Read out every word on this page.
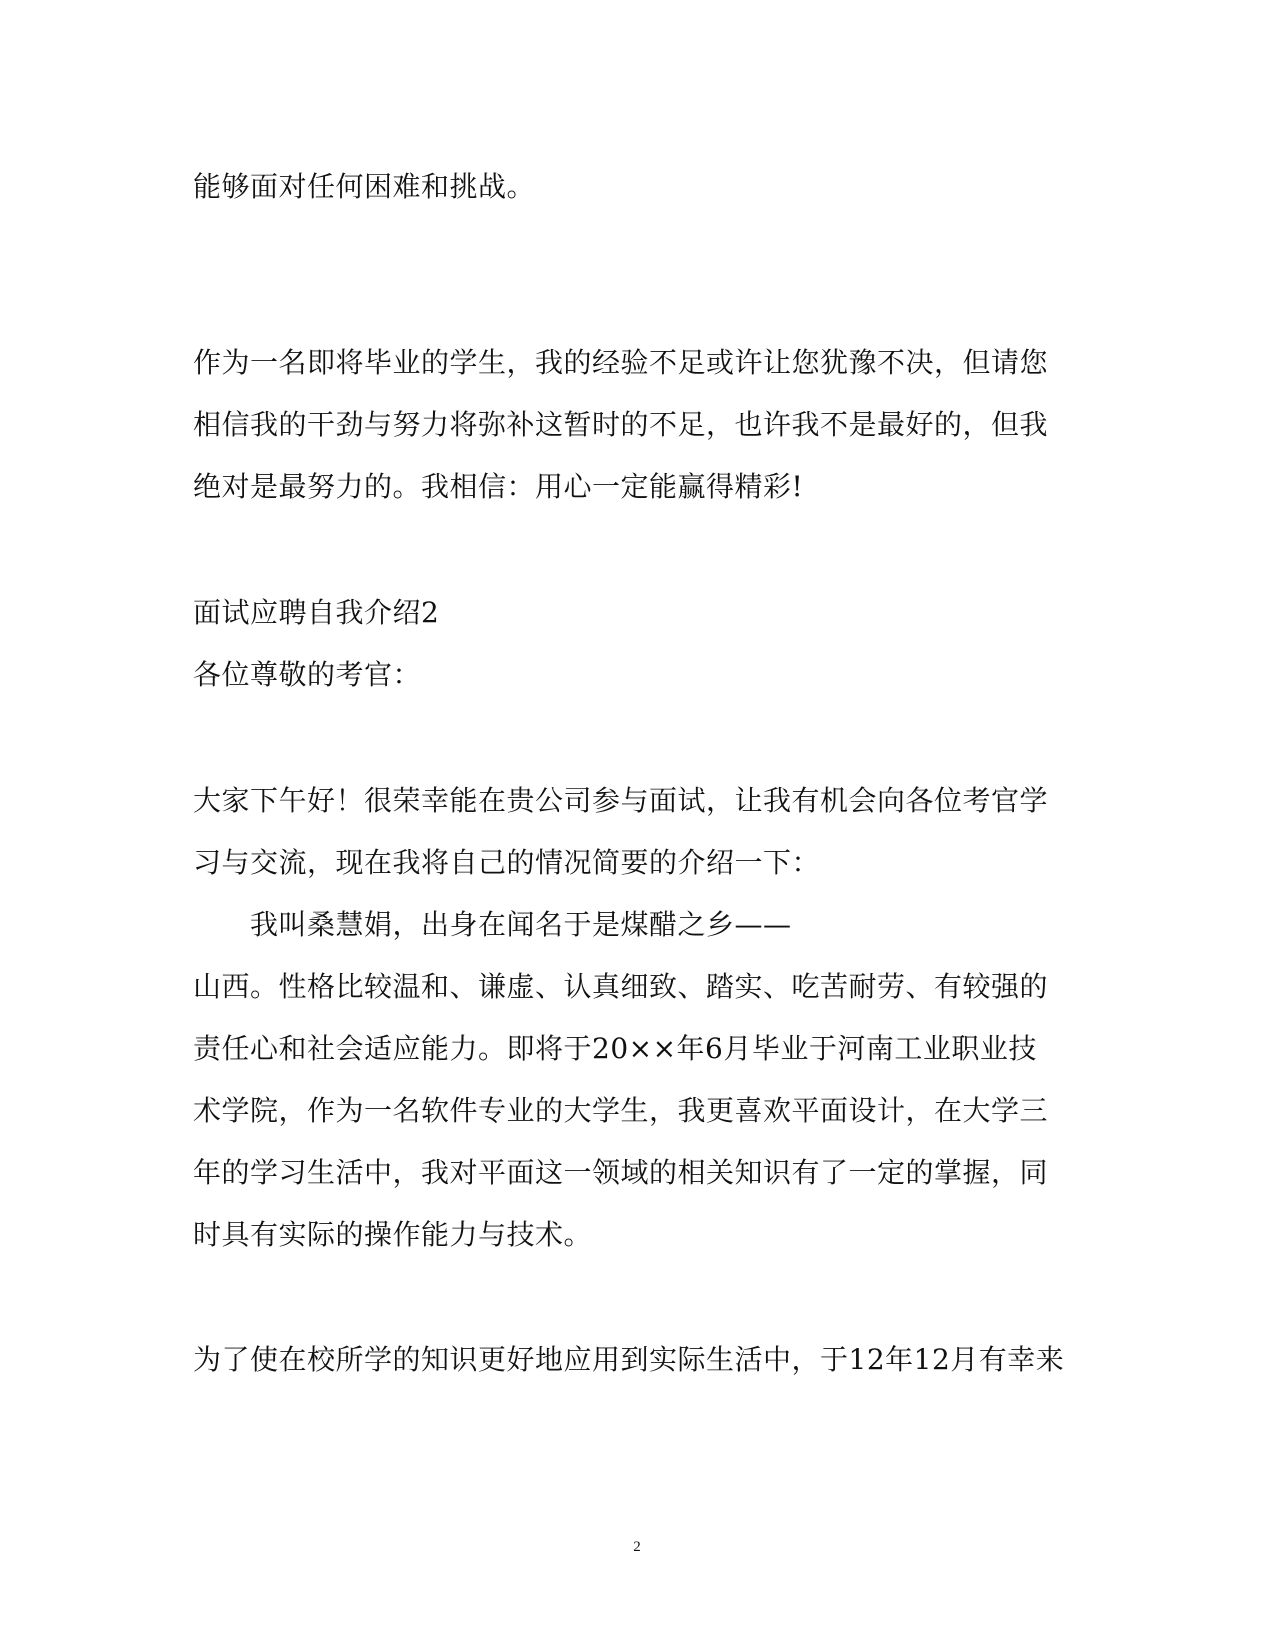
能够面对任何困难和挑战。
作为一名即将毕业的学生，我的经验不足或许让您犹豫不决，但请您
相信我的干劲与努力将弥补这暂时的不足，也许我不是最好的，但我
绝对是最努力的。我相信：用心一定能赢得精彩!
面试应聘自我介绍2
各位尊敬的考官：
大家下午好！很荣幸能在贵公司参与面试，让我有机会向各位考官学
习与交流，现在我将自己的情况简要的介绍一下：
我叫桑慧娟，出身在闻名于是煤醋之乡——
山西。性格比较温和、谦虚、认真细致、踏实、吃苦耐劳、有较强的
责任心和社会适应能力。即将于20××年6月毕业于河南工业职业技
术学院，作为一名软件专业的大学生，我更喜欢平面设计，在大学三
年的学习生活中，我对平面这一领域的相关知识有了一定的掌握，同
时具有实际的操作能力与技术。
为了使在校所学的知识更好地应用到实际生活中，于12年12月有幸来
2
